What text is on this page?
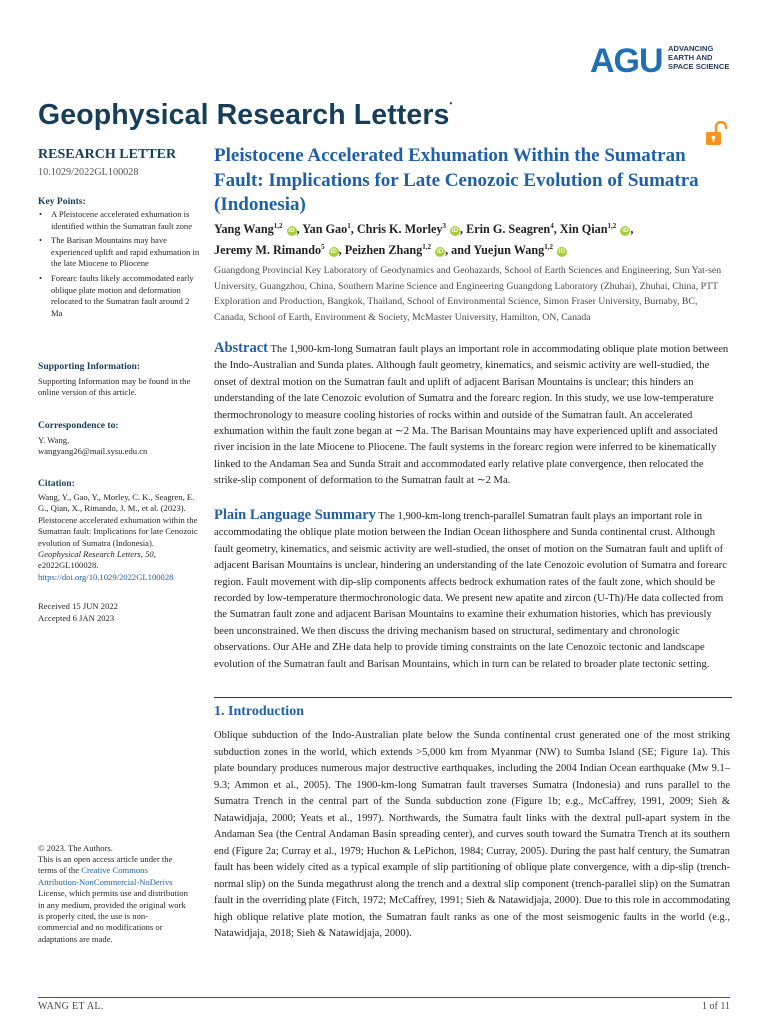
AGU ADVANCING
EARTH AND
SPACE SCIENCE
Geophysical Research Letters•
RESEARCH LETTER
10.1029/2022GL100028
Key Points:
• A Pleistocene accelerated exhumation is identified within the Sumatran fault zone
• The Barisan Mountains may have experienced uplift and rapid exhumation in the late Miocene to Pliocene
• Forearc faults likely accommodated early oblique plate motion and deformation relocated to the Sumatran fault around 2 Ma
Supporting Information:
Supporting Information may be found in the online version of this article.
Correspondence to:
Y. Wang,
wangyang26@mail.sysu.edu.cn
Citation:
Wang, Y., Gao, Y., Morley, C. K., Seagren, E. G., Qian, X., Rimando, J. M., et al. (2023). Pleistocene accelerated exhumation within the Sumatran fault: Implications for late Cenozoic evolution of Sumatra (Indonesia). Geophysical Research Letters, 50, e2022GL100028. https://doi.org/10.1029/2022GL100028
Received 15 JUN 2022
Accepted 6 JAN 2023
© 2023. The Authors.
This is an open access article under the terms of the Creative Commons Attribution-NonCommercial-NoDerivs License, which permits use and distribution in any medium, provided the original work is properly cited, the use is non-commercial and no modifications or adaptations are made.
Pleistocene Accelerated Exhumation Within the Sumatran Fault: Implications for Late Cenozoic Evolution of Sumatra (Indonesia)
Yang Wang$^{1,2}$ iD , Yan Gao$^1$, Chris K. Morley$^3$ iD , Erin G. Seagren$^4$, Xin Qian$^{1,2}$ iD ,
Jeremy M. Rimando$^5$ iD , Peizhen Zhang$^{1,2}$ iD , and Yuejun Wang$^{1,2}$ iD
Guangdong Provincial Key Laboratory of Geodynamics and Geohazards, School of Earth Sciences and Engineering, Sun Yat-sen University, Guangzhou, China, Southern Marine Science and Engineering Guangdong Laboratory (Zhuhai), Zhuhai, China, PTT Exploration and Production, Bangkok, Thailand, School of Environmental Science, Simon Fraser University, Burnaby, BC, Canada, School of Earth, Environment & Society, McMaster University, Hamilton, ON, Canada
Abstract The 1,900-km-long Sumatran fault plays an important role in accommodating oblique plate motion between the Indo-Australian and Sunda plates. Although fault geometry, kinematics, and seismic activity are well-studied, the onset of dextral motion on the Sumatran fault and uplift of adjacent Barisan Mountains is unclear; this hinders an understanding of the late Cenozoic evolution of Sumatra and the forearc region. In this study, we use low-temperature thermochronology to measure cooling histories of rocks within and outside of the Sumatran fault. An accelerated exhumation within the fault zone began at ∼2 Ma. The Barisan Mountains may have experienced uplift and associated river incision in the late Miocene to Pliocene. The fault systems in the forearc region were inferred to be kinematically linked to the Andaman Sea and Sunda Strait and accommodated early relative plate convergence, then relocated the strike-slip component of deformation to the Sumatran fault at ∼2 Ma.
Plain Language Summary The 1,900-km-long trench-parallel Sumatran fault plays an important role in accommodating the oblique plate motion between the Indian Ocean lithosphere and Sunda continental crust. Although fault geometry, kinematics, and seismic activity are well-studied, the onset of motion on the Sumatran fault and uplift of adjacent Barisan Mountains is unclear, hindering an understanding of the late Cenozoic evolution of Sumatra and forearc region. Fault movement with dip-slip components affects bedrock exhumation rates of the fault zone, which should be recorded by low-temperature thermochronologic data. We present new apatite and zircon (U-Th)/He data collected from the Sumatran fault zone and adjacent Barisan Mountains to examine their exhumation histories, which has previously been unconstrained. We then discuss the driving mechanism based on structural, sedimentary and chronologic observations. Our AHe and ZHe data help to provide timing constraints on the late Cenozoic tectonic and landscape evolution of the Sumatran fault and Barisan Mountains, which in turn can be related to broader plate tectonic setting.
1. Introduction
Oblique subduction of the Indo-Australian plate below the Sunda continental crust generated one of the most striking subduction zones in the world, which extends >5,000 km from Myanmar (NW) to Sumba Island (SE; Figure 1a). This plate boundary produces numerous major destructive earthquakes, including the 2004 Indian Ocean earthquake (Mw 9.1–9.3; Ammon et al., 2005). The 1900-km-long Sumatran fault traverses Sumatra (Indonesia) and runs parallel to the Sumatra Trench in the central part of the Sunda subduction zone (Figure 1b; e.g., McCaffrey, 1991, 2009; Sieh & Natawidjaja, 2000; Yeats et al., 1997). Northwards, the Sumatra fault links with the dextral pull-apart system in the Andaman Sea (the Central Andaman Basin spreading center), and curves south toward the Sumatra Trench at its southern end (Figure 2a; Curray et al., 1979; Huchon & LePichon, 1984; Curray, 2005). During the past half century, the Sumatran fault has been widely cited as a typical example of slip partitioning of oblique plate convergence, with a dip-slip (trench-normal slip) on the Sunda megathrust along the trench and a dextral slip component (trench-parallel slip) on the Sumatran fault in the overriding plate (Fitch, 1972; McCaffrey, 1991; Sieh & Natawidjaja, 2000). Due to this role in accommodating high oblique relative plate motion, the Sumatran fault ranks as one of the most seismogenic faults in the world (e.g., Natawidjaja, 2018; Sieh & Natawidjaja, 2000).
WANG ET AL.	1 of 11
